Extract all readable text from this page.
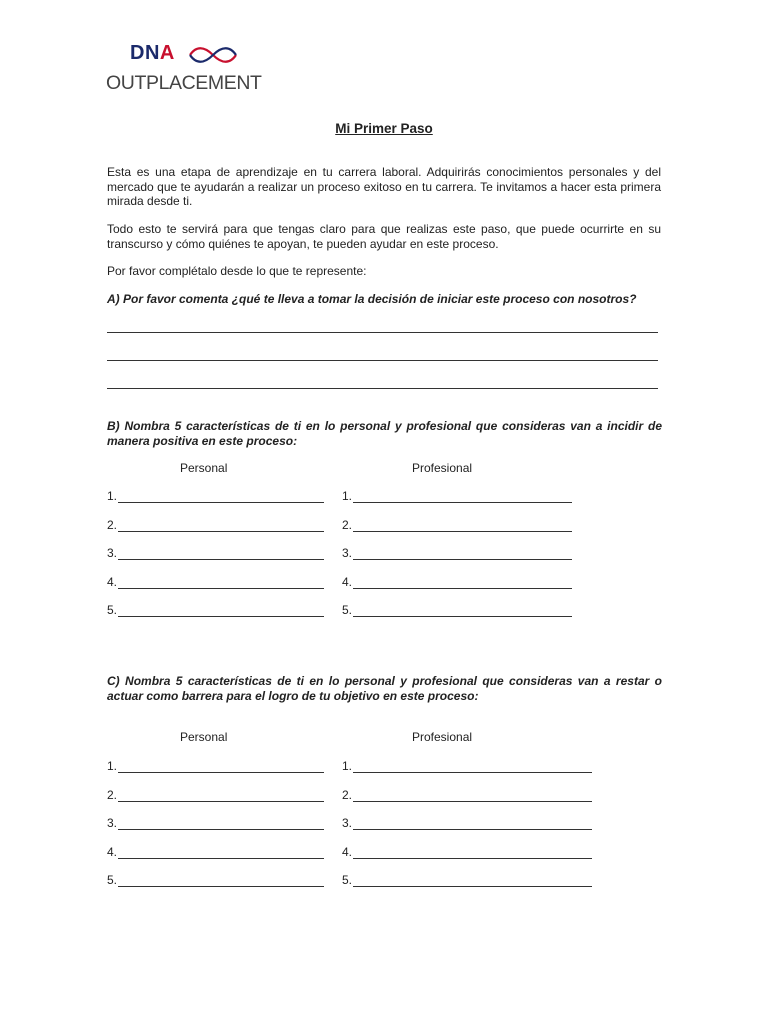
DNA
OUTPLACEMENT
Mi Primer Paso

Esta es una etapa de aprendizaje en tu carrera laboral. Adquirirás conocimientos personales y del mercado que te ayudarán a realizar un proceso exitoso en tu carrera. Te invitamos a hacer esta primera mirada desde ti.

Todo esto te servirá para que tengas claro para que realizas este paso, que puede ocurrirte en su transcurso y cómo quiénes te apoyan, te pueden ayudar en este proceso.

Por favor complétalo desde lo que te represente:

A) Por favor comenta ¿qué te lleva a tomar la decisión de iniciar este proceso con nosotros?

B) Nombra 5 características de ti en lo personal y profesional que consideras van a incidir de manera positiva en este proceso:

Personal	Profesional
1.	1.
2.	2.
3.	3.
4.	4.
5.	5.

C) Nombra 5 características de ti en lo personal y profesional que consideras van a restar o actuar como barrera para el logro de tu objetivo en este proceso:

Personal	Profesional
1.	1.
2.	2.
3.	3.
4.	4.
5.	5.
